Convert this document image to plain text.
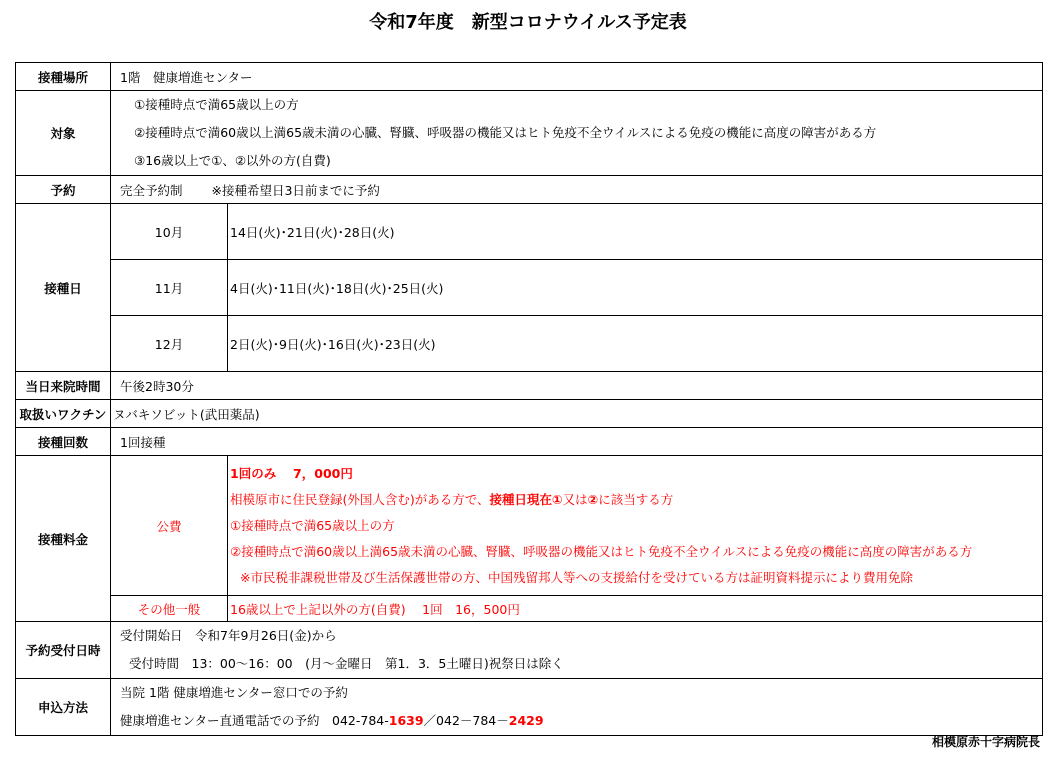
令和7年度　新型コロナウイルス予定表
接種場所	1階　健康増進センター	
対象	①接種時点で満65歳以上の方
②接種時点で満60歳以上満65歳未満の心臓、腎臓、呼吸器の機能又はヒト免疫不全ウイルスによる免疫の機能に高度の障害がある方
③16歳以上で①、②以外の方(自費)	

予約	完全予約制　　 ※接種希望日3日前までに予約	
接種日	10月	14日(火)･21日(火)･28日(火)
	11月	4日(火)･11日(火)･18日(火)･25日(火)
	12月	2日(火)･9日(火)･16日(火)･23日(火)
当日来院時間	午後2時30分	
取扱いワクチン	ヌバキソビット(武田薬品)	
接種回数	1回接種	
接種料金	公費	1回のみ　 7，000円
相模原市に住民登録(外国人含む)がある方で、接種日現在①又は②に該当する方
①接種時点で満65歳以上の方
②接種時点で満60歳以上満65歳未満の心臓、腎臓、呼吸器の機能又はヒト免疫不全ウイルスによる免疫の機能に高度の障害がある方
※市民税非課税世帯及び生活保護世帯の方、中国残留邦人等への支援給付を受けている方は証明資料提示により費用免除

	その他一般	16歳以上で上記以外の方(自費)　 1回　16，500円
予約受付日時	受付開始日　令和7年9月26日(金)から
受付時間　13：00～16：00　(月～金曜日　第1．3．5土曜日)祝祭日は除く	

申込方法	当院 1階 健康増進センター窓口での予約
健康増進センター直通電話での予約　042-784-1639／042－784－2429	
相模原赤十字病院長
